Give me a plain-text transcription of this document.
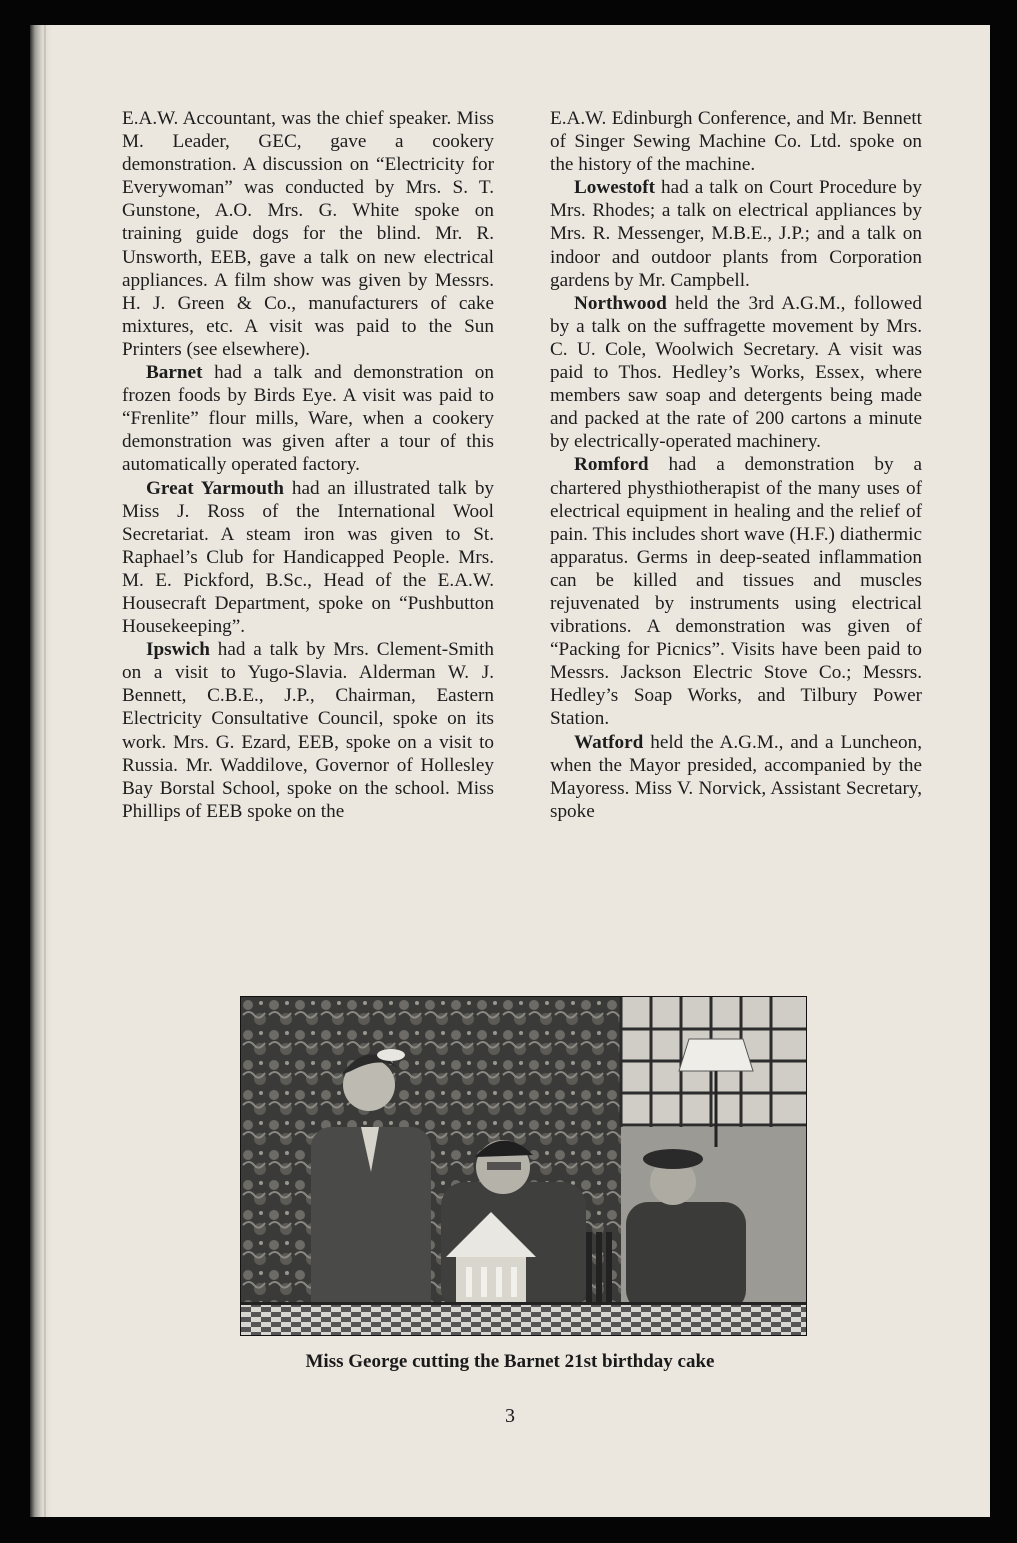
E.A.W. Accountant, was the chief speaker. Miss M. Leader, GEC, gave a cookery demonstration. A discussion on “Electricity for Everywoman” was conducted by Mrs. S. T. Gunstone, A.O. Mrs. G. White spoke on training guide dogs for the blind. Mr. R. Unsworth, EEB, gave a talk on new electrical appliances. A film show was given by Messrs. H. J. Green & Co., manufacturers of cake mixtures, etc. A visit was paid to the Sun Printers (see elsewhere).

Barnet had a talk and demonstration on frozen foods by Birds Eye. A visit was paid to “Frenlite” flour mills, Ware, when a cookery demonstration was given after a tour of this automatically operated factory.

Great Yarmouth had an illustrated talk by Miss J. Ross of the International Wool Secretariat. A steam iron was given to St. Raphael’s Club for Handicapped People. Mrs. M. E. Pickford, B.Sc., Head of the E.A.W. Housecraft Department, spoke on “Pushbutton Housekeeping”.

Ipswich had a talk by Mrs. Clement-Smith on a visit to Yugo-Slavia. Alderman W. J. Bennett, C.B.E., J.P., Chairman, Eastern Electricity Consultative Council, spoke on its work. Mrs. G. Ezard, EEB, spoke on a visit to Russia. Mr. Waddilove, Governor of Hollesley Bay Borstal School, spoke on the school. Miss Phillips of EEB spoke on the

E.A.W. Edinburgh Conference, and Mr. Bennett of Singer Sewing Machine Co. Ltd. spoke on the history of the machine.

Lowestoft had a talk on Court Procedure by Mrs. Rhodes; a talk on electrical appliances by Mrs. R. Messenger, M.B.E., J.P.; and a talk on indoor and outdoor plants from Corporation gardens by Mr. Campbell.

Northwood held the 3rd A.G.M., followed by a talk on the suffragette movement by Mrs. C. U. Cole, Woolwich Secretary. A visit was paid to Thos. Hedley’s Works, Essex, where members saw soap and detergents being made and packed at the rate of 200 cartons a minute by electrically-operated machinery.

Romford had a demonstration by a chartered physthiotherapist of the many uses of electrical equipment in healing and the relief of pain. This includes short wave (H.F.) diathermic apparatus. Germs in deep-seated inflammation can be killed and tissues and muscles rejuvenated by instruments using electrical vibrations. A demonstration was given of “Packing for Picnics”. Visits have been paid to Messrs. Jackson Electric Stove Co.; Messrs. Hedley’s Soap Works, and Tilbury Power Station.

Watford held the A.G.M., and a Luncheon, when the Mayor presided, accompanied by the Mayoress. Miss V. Norvick, Assistant Secretary, spoke

Miss George cutting the Barnet 21st birthday cake
3
